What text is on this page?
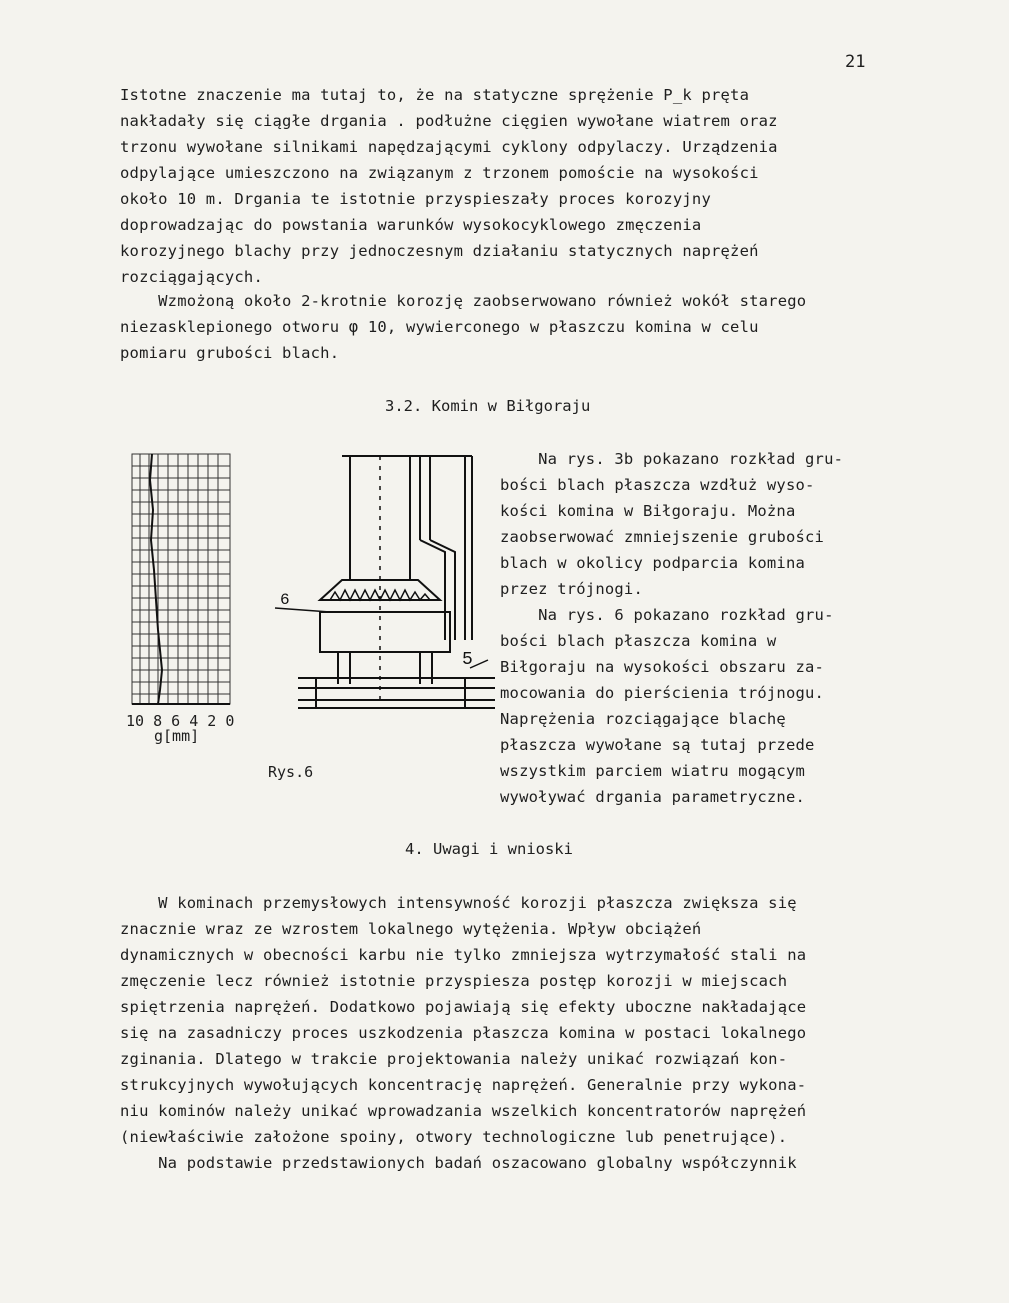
21
Istotne znaczenie ma tutaj to, że na statyczne sprężenie P_k pręta
nakładały się ciągłe drgania . podłużne cięgien wywołane wiatrem oraz
trzonu wywołane silnikami napędzającymi cyklony odpylaczy. Urządzenia
odpylające umieszczono na związanym z trzonem pomoście na wysokości
około 10 m. Drgania te istotnie przyspieszały proces korozyjny
doprowadzając do powstania warunków wysokocyklowego zmęczenia
korozyjnego blachy przy jednoczesnym działaniu statycznych naprężeń
rozciągających.
Wzmożoną około 2-krotnie korozję zaobserwowano również wokół starego
niezasklepionego otworu φ 10, wywierconego w płaszczu komina w celu
pomiaru grubości blach.
3.2. Komin w Biłgoraju
Na rys. 3b pokazano rozkład gru-
bości blach płaszcza wzdłuż wyso-
kości komina w Biłgoraju. Można
zaobserwować zmniejszenie grubości
blach w okolicy podparcia komina
przez trójnogi.
Na rys. 6 pokazano rozkład gru-
bości blach płaszcza komina w
Biłgoraju na wysokości obszaru za-
mocowania do pierścienia trójnogu.
Naprężenia rozciągające blachę
płaszcza wywołane są tutaj przede
wszystkim parciem wiatru mogącym
wywoływać drgania parametryczne.
6
5
10 8 6 4 2 0
g[mm]
Rys.6
4. Uwagi i wnioski
W kominach przemysłowych intensywność korozji płaszcza zwiększa się
znacznie wraz ze wzrostem lokalnego wytężenia. Wpływ obciążeń
dynamicznych w obecności karbu nie tylko zmniejsza wytrzymałość stali na
zmęczenie lecz również istotnie przyspiesza postęp korozji w miejscach
spiętrzenia naprężeń. Dodatkowo pojawiają się efekty uboczne nakładające
się na zasadniczy proces uszkodzenia płaszcza komina w postaci lokalnego
zginania. Dlatego w trakcie projektowania należy unikać rozwiązań kon-
strukcyjnych wywołujących koncentrację naprężeń. Generalnie przy wykona-
niu kominów należy unikać wprowadzania wszelkich koncentratorów naprężeń
(niewłaściwie założone spoiny, otwory technologiczne lub penetrujące).
Na podstawie przedstawionych badań oszacowano globalny współczynnik
